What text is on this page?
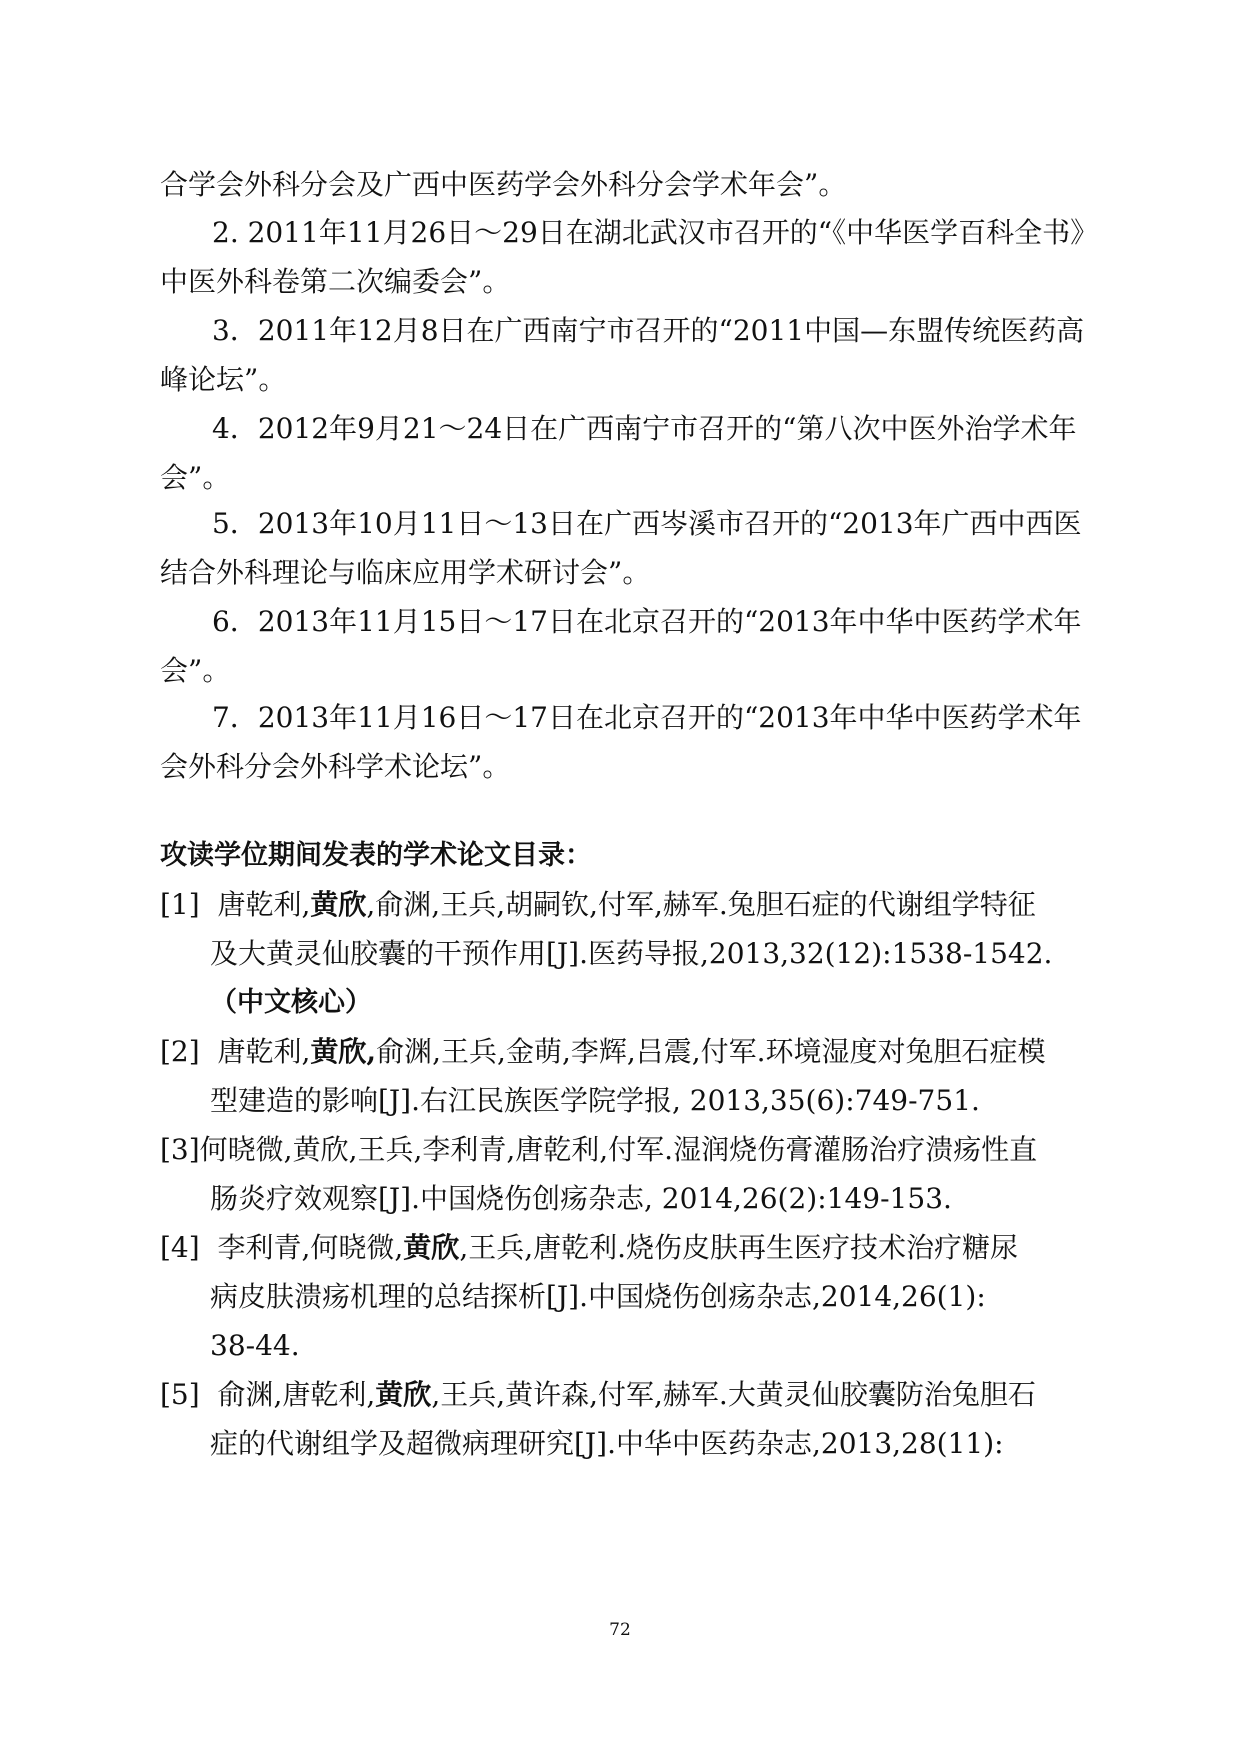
合学会外科分会及广西中医药学会外科分会学术年会”。
2. 2011年11月26日～29日在湖北武汉市召开的“《中华医学百科全书》
中医外科卷第二次编委会”。
3．2011年12月8日在广西南宁市召开的“2011中国—东盟传统医药高
峰论坛”。
4．2012年9月21～24日在广西南宁市召开的“第八次中医外治学术年
会”。
5．2013年10月11日～13日在广西岑溪市召开的“2013年广西中西医
结合外科理论与临床应用学术研讨会”。
6．2013年11月15日～17日在北京召开的“2013年中华中医药学术年
会”。
7．2013年11月16日～17日在北京召开的“2013年中华中医药学术年
会外科分会外科学术论坛”。
攻读学位期间发表的学术论文目录：
[1] 唐乾利,黄欣,俞渊,王兵,胡嗣钦,付军,赫军.兔胆石症的代谢组学特征
及大黄灵仙胶囊的干预作用[J].医药导报,2013,32(12):1538-1542.
（中文核心）
[2] 唐乾利,黄欣,俞渊,王兵,金萌,李辉,吕震,付军.环境湿度对兔胆石症模
型建造的影响[J].右江民族医学院学报, 2013,35(6):749-751.
[3]何晓微,黄欣,王兵,李利青,唐乾利,付军.湿润烧伤膏灌肠治疗溃疡性直
肠炎疗效观察[J].中国烧伤创疡杂志, 2014,26(2):149-153.
[4] 李利青,何晓微,黄欣,王兵,唐乾利.烧伤皮肤再生医疗技术治疗糖尿
病皮肤溃疡机理的总结探析[J].中国烧伤创疡杂志,2014,26(1):
38-44.
[5] 俞渊,唐乾利,黄欣,王兵,黄许森,付军,赫军.大黄灵仙胶囊防治兔胆石
症的代谢组学及超微病理研究[J].中华中医药杂志,2013,28(11):
72
